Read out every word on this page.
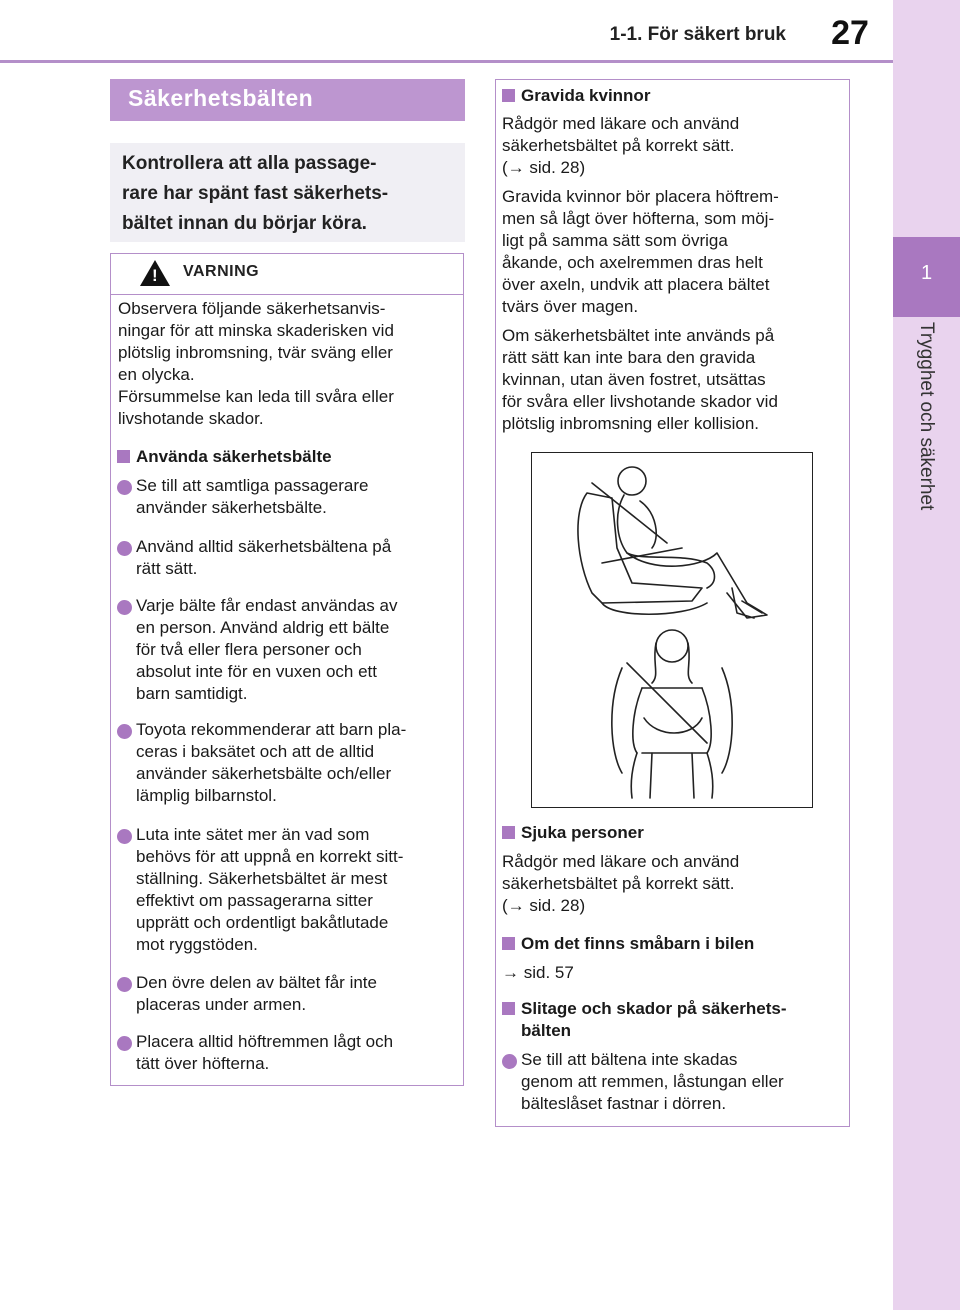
1-1. För säkert bruk	27
1
Trygghet och säkerhet
Säkerhetsbälten
Kontrollera att alla passage-
rare har spänt fast säkerhets-
bältet innan du börjar köra.
!
VARNING
Observera följande säkerhetsanvis-
ningar för att minska skaderisken vid
plötslig inbromsning, tvär sväng eller
en olycka.
Försummelse kan leda till svåra eller
livshotande skador.
Använda säkerhetsbälte
Se till att samtliga passagerare
använder säkerhetsbälte.
Använd alltid säkerhetsbältena på
rätt sätt.
Varje bälte får endast användas av
en person. Använd aldrig ett bälte
för två eller flera personer och
absolut inte för en vuxen och ett
barn samtidigt.
Toyota rekommenderar att barn pla-
ceras i baksätet och att de alltid
använder säkerhetsbälte och/eller
lämplig bilbarnstol.
Luta inte sätet mer än vad som
behövs för att uppnå en korrekt sitt-
ställning. Säkerhetsbältet är mest
effektivt om passagerarna sitter
upprätt och ordentligt bakåtlutade
mot ryggstöden.
Den övre delen av bältet får inte
placeras under armen.
Placera alltid höftremmen lågt och
tätt över höfterna.
Gravida kvinnor
Rådgör med läkare och använd
säkerhetsbältet på korrekt sätt.
(→ sid. 28)
Gravida kvinnor bör placera höftrem-
men så lågt över höfterna, som möj-
ligt på samma sätt som övriga
åkande, och axelremmen dras helt
över axeln, undvik att placera bältet
tvärs över magen.
Om säkerhetsbältet inte används på
rätt sätt kan inte bara den gravida
kvinnan, utan även fostret, utsättas
för svåra eller livshotande skador vid
plötslig inbromsning eller kollision.
Sjuka personer
Rådgör med läkare och använd
säkerhetsbältet på korrekt sätt.
(→ sid. 28)
Om det finns småbarn i bilen
→ sid. 57
Slitage och skador på säkerhets-
bälten
Se till att bältena inte skadas
genom att remmen, låstungan eller
bälteslåset fastnar i dörren.
